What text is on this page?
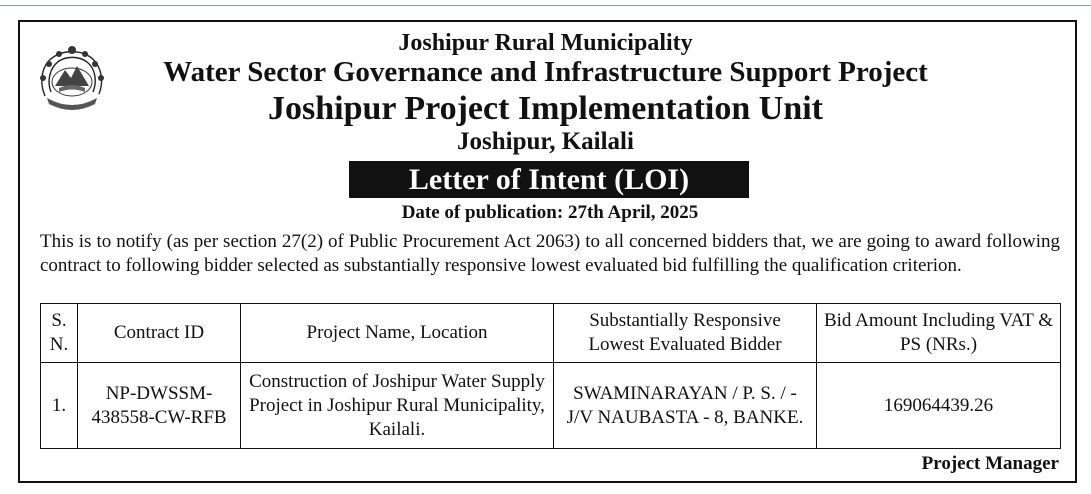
Joshipur Rural Municipality
Water Sector Governance and Infrastructure Support Project
Joshipur Project Implementation Unit
Joshipur, Kailali
Letter of Intent (LOI)
Date of publication: 27th April, 2025
This is to notify (as per section 27(2) of Public Procurement Act 2063) to all concerned bidders that, we are going to award following contract to following bidder selected as substantially responsive lowest evaluated bid fulfilling the qualification criterion.
S. N.	Contract ID	Project Name, Location	Substantially Responsive Lowest Evaluated Bidder	Bid Amount Including VAT & PS (NRs.)
1.	NP-DWSSM-438558-CW-RFB	Construction of Joshipur Water Supply Project in Joshipur Rural Municipality, Kailali.	SWAMINARAYAN / P. S. / - J/V NAUBASTA - 8, BANKE.	169064439.26
Project Manager
